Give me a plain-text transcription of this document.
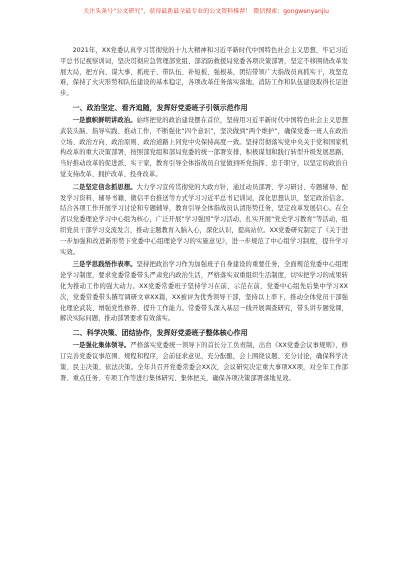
关注头条号“公文研究”，获得最新最全最专业的公文资料推荐！ 微信搜索：gongwenyanjiu

2021年，XX党委认真学习贯彻党的十九大精神和习近平新时代中国特色社会主义思想，牢记习近平总书记视察训词，坚决贯彻应急管理部党组、部消防救援局党委各项决策部署，坚定不移围绕改革发展大局，把方向、谋大事、抓班子、带队伍、补短板、强根基，团结带领广大指战员真抓实干，攻坚克难，保持了火灾形势和队伍建设的基本稳定，各项改革任务落实落地，消防工作和队伍建设取得长足进步。

一、政治坚定、看齐追随，发挥好党委班子引领示范作用

一是旗帜鲜明讲政治。始终把党的政治建设摆在首位，坚持用习近平新时代中国特色社会主义思想武装头脑、指导实践、推动工作，不断强化“四个意识”，坚决做到“两个维护”，确保党委一班人在政治立场、政治方向、政治原则、政治道路上同党中央保持高度一致。坚持贯彻落实党中央关于党和国家机构改革的重大决策部署，按照部党组和部局党委的统一部署安排，积极谋划和践行转型升级发展思路，当好推动改革的促进派、实干家，教育引导全体指战员自觉做到听党指挥、忠于职守，以坚定的政治自觉支持改革、拥护改革、投身改革。

二是坚定信念抓思想。大力学习宣传贯彻党的大政方针，通过动员部署、学习研讨、专题辅导、配发学习资料、辅导书籍、微信平台推送等方式学习习近平总书记训词，深化思想认识，坚定政治信念。结合各项工作开展学习讨论和专题辅导，教育引导全体指战员认清形势任务，坚定改革发展信心。在全省以党委理论学习中心组为核心，广泛开展“学习强国”学习活动，扎实开展“党史学习教育”等活动，组织党员干部学习交流发言，推动主题教育入脑入心，深化认识，提高站位。XX党委研究制定了《关于进一步加强和改进新形势下党委中心组理论学习的实施意见》，进一步规范了中心组学习制度，提升学习实效。

三是学思践悟作表率。坚持把政治学习作为加强班子自身建设的重要任务，全面规范党委中心组理论学习制度，要求党委常委带头严肃党内政治生活，严格落实双重组织生活制度，切实把学习的成果转化为推动工作的强大动力。XX党委常委班子坚持学习在前、示范在前，党委中心组先后集中学习XX次，党委常委带头撰写调研文章XX篇，XX被评为优秀领导干部，坚持以上率下，推动全体党员干部强化理论武装、增强党性修养、提升工作能力。常委带头深入基层一线开展调查研究，带头讲专题党课，解决实际问题，推动部署要求有效落实。

二、科学决策、团结协作，发挥好党委班子整体核心作用

一是强化集体领导。严格落实党委统一领导下的首长分工负责制，出台《XX党委会议事规则》，修订完善党委议事范围、规程和程序，会前征求意见、充分酝酿，会上围绕议题、充分讨论，确保科学决策、民主决策、依法决策。全年共召开党委常委会XX次，会议研究决定重大事项XX项，对全年工作部署、重点任务、专项工作等进行集体研究、集体把关，确保各项决策部署落地见效。
